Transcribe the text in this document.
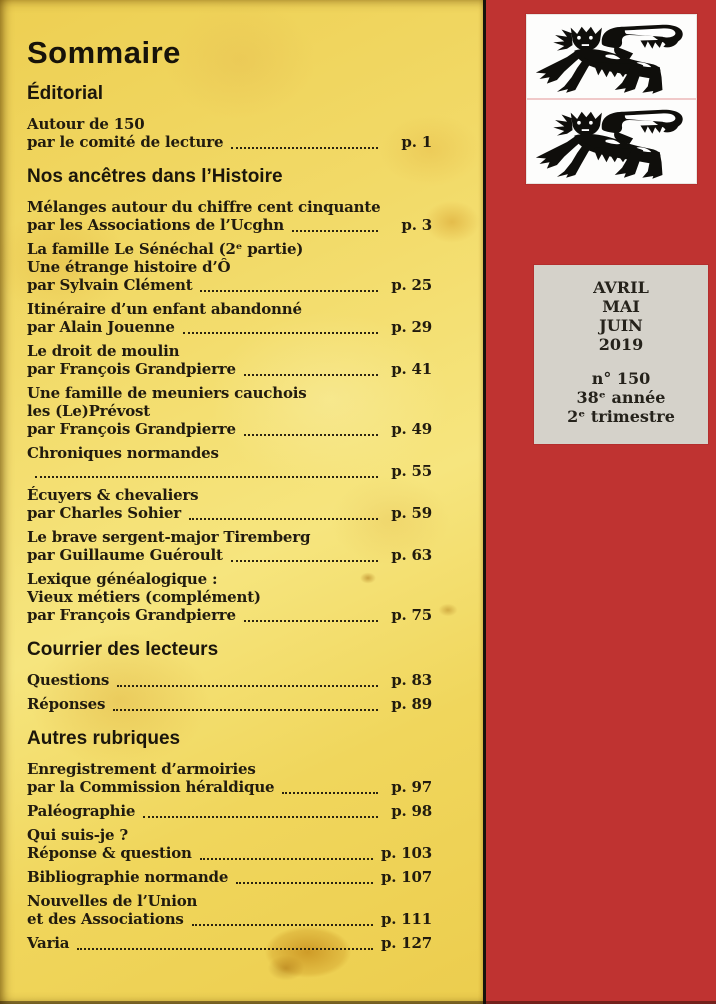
Sommaire
Éditorial
Autour de 150
par le comité de lecture	p. 1
Nos ancêtres dans l’Histoire
Mélanges autour du chiffre cent cinquante
par les Associations de l’Ucghn	p. 3
La famille Le Sénéchal (2ᵉ partie)
Une étrange histoire d’Ô
par Sylvain Clément	p. 25
Itinéraire d’un enfant abandonné
par Alain Jouenne	p. 29
Le droit de moulin
par François Grandpierre	p. 41
Une famille de meuniers cauchois
les (Le)Prévost
par François Grandpierre	p. 49
Chroniques normandes
p. 55
Écuyers & chevaliers
par Charles Sohier	p. 59
Le brave sergent-major Tiremberg
par Guillaume Guéroult	p. 63
Lexique généalogique :
Vieux métiers (complément)
par François Grandpierre	p. 75
Courrier des lecteurs
Questions	p. 83
Réponses	p. 89
Autres rubriques
Enregistrement d’armoiries
par la Commission héraldique	p. 97
Paléographie	p. 98
Qui suis-je ?
Réponse & question	p. 103
Bibliographie normande	p. 107
Nouvelles de l’Union
et des Associations	p. 111
Varia	p. 127
AVRIL
MAI
JUIN
2019
n° 150
38ᵉ année
2ᵉ trimestre
